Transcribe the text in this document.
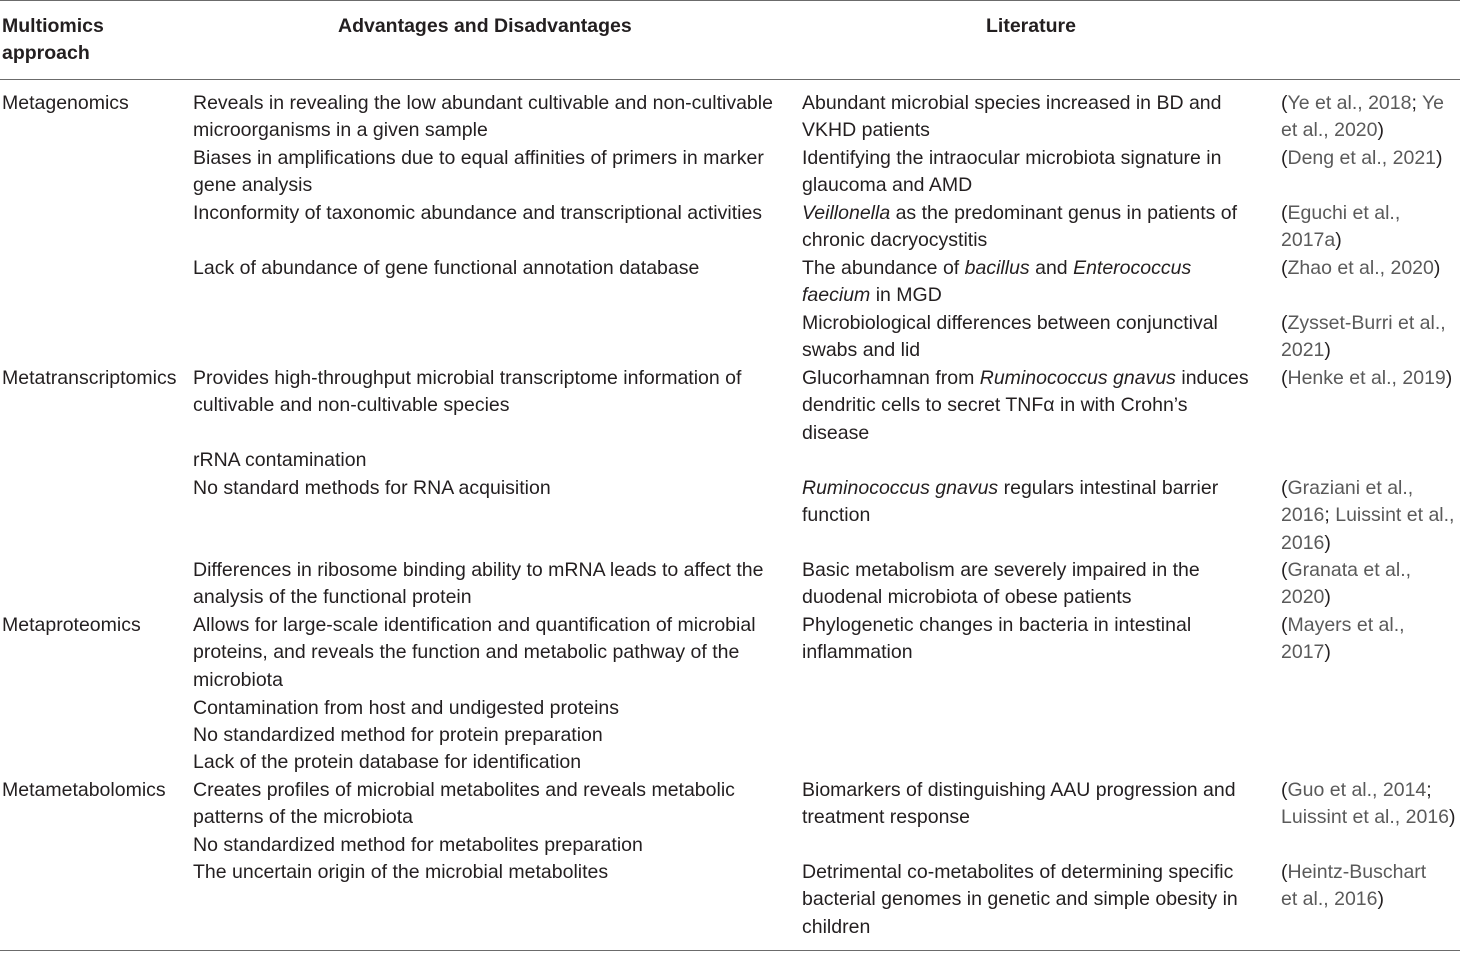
Multiomics
approach
Advantages and Disadvantages	Literature
Metagenomics
Metatranscriptomics
Metaproteomics
Metametabolomics
Reveals in revealing the low abundant cultivable and non-cultivable
microorganisms in a given sample
Biases in amplifications due to equal affinities of primers in marker
gene analysis
Inconformity of taxonomic abundance and transcriptional activities
Lack of abundance of gene functional annotation database
Provides high-throughput microbial transcriptome information of
cultivable and non-cultivable species
rRNA contamination
No standard methods for RNA acquisition
Differences in ribosome binding ability to mRNA leads to affect the
analysis of the functional protein
Allows for large-scale identification and quantification of microbial
proteins, and reveals the function and metabolic pathway of the
microbiota
Contamination from host and undigested proteins
No standardized method for protein preparation
Lack of the protein database for identification
Creates profiles of microbial metabolites and reveals metabolic
patterns of the microbiota
No standardized method for metabolites preparation
The uncertain origin of the microbial metabolites
Abundant microbial species increased in BD and
VKHD patients
Identifying the intraocular microbiota signature in
glaucoma and AMD
Veillonella as the predominant genus in patients of
chronic dacryocystitis
The abundance of bacillus and Enterococcus
faecium in MGD
Microbiological differences between conjunctival
swabs and lid
Glucorhamnan from Ruminococcus gnavus induces
dendritic cells to secret TNFα in with Crohn’s
disease
Ruminococcus gnavus regulars intestinal barrier
function
Basic metabolism are severely impaired in the
duodenal microbiota of obese patients
Phylogenetic changes in bacteria in intestinal
inflammation
Biomarkers of distinguishing AAU progression and
treatment response
Detrimental co-metabolites of determining specific
bacterial genomes in genetic and simple obesity in
children
(Ye et al., 2018; Ye
et al., 2020)
(Deng et al., 2021)
(Eguchi et al.,
2017a)
(Zhao et al., 2020)
(Zysset-Burri et al.,
2021)
(Henke et al., 2019)
(Graziani et al.,
2016; Luissint et al.,
2016)
(Granata et al.,
2020)
(Mayers et al.,
2017)
(Guo et al., 2014;
Luissint et al., 2016)
(Heintz-Buschart
et al., 2016)
